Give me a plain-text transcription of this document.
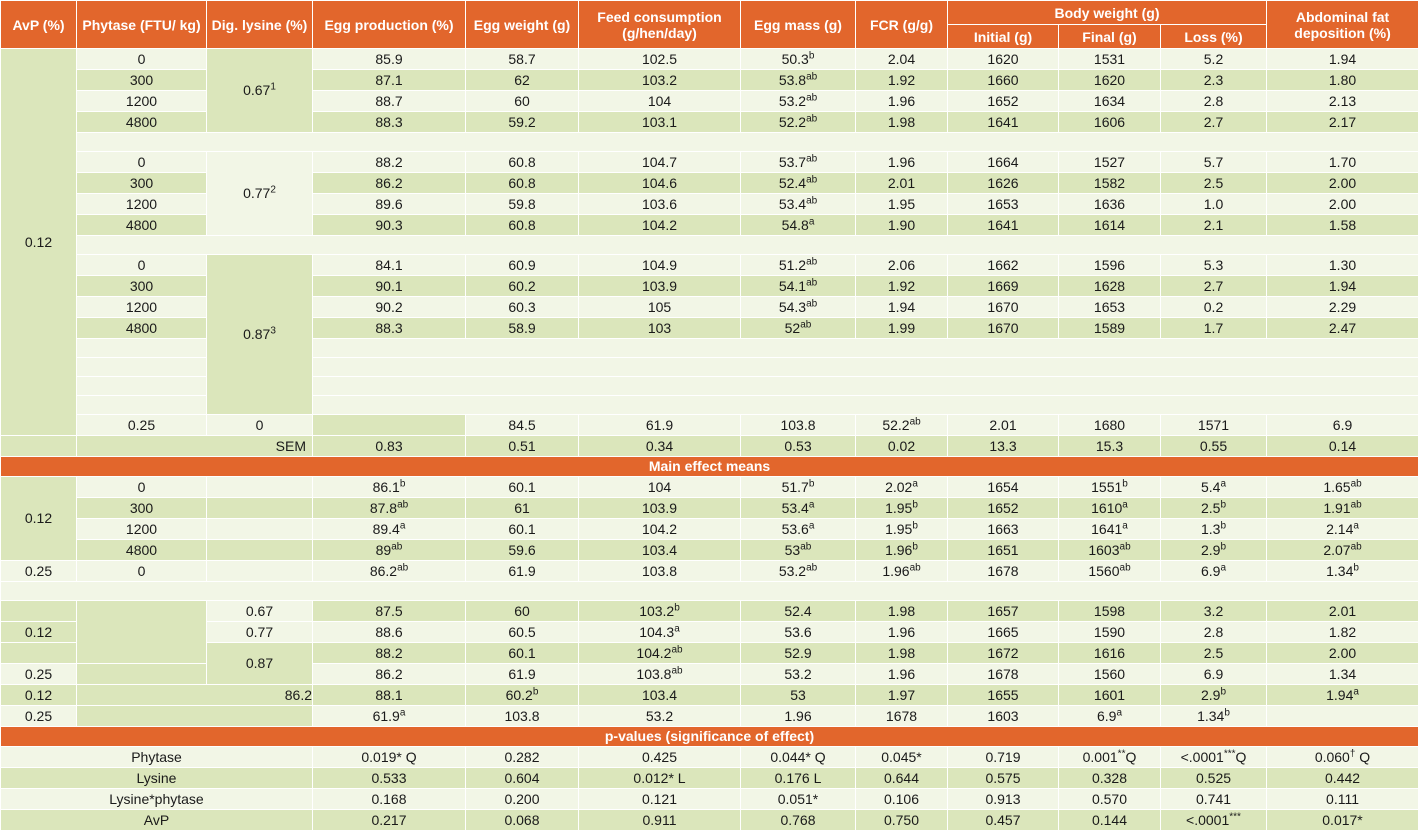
AvP (%)	Phytase (FTU/ kg)	Dig. lysine (%)	Egg production (%)	Egg weight (g)	Feed consumption (g/hen/day)	Egg mass (g)	FCR (g/g)	Body weight (g)			Abdominal fat deposition (%)	
								Initial (g)	Final (g)	Loss (%)		
0.12	0	0.67$^1$	85.9	58.7	102.5	50.3$^b$	2.04	1620	1531	5.2	1.94	
	300		87.1	62	103.2	53.8$^{ab}$	1.92	1660	1620	2.3	1.80	
	1200		88.7	60	104	53.2$^{ab}$	1.96	1652	1634	2.8	2.13	
	4800		88.3	59.2	103.1	52.2$^{ab}$	1.98	1641	1606	2.7	2.17	

	0	0.77$^2$	88.2	60.8	104.7	53.7$^{ab}$	1.96	1664	1527	5.7	1.70	
	300		86.2	60.8	104.6	52.4$^{ab}$	2.01	1626	1582	2.5	2.00	
	1200		89.6	59.8	103.6	53.4$^{ab}$	1.95	1653	1636	1.0	2.00	
	4800		90.3	60.8	104.2	54.8$^a$	1.90	1641	1614	2.1	1.58	

	0	0.87$^3$	84.1	60.9	104.9	51.2$^{ab}$	2.06	1662	1596	5.3	1.30	
	300		90.1	60.2	103.9	54.1$^{ab}$	1.92	1669	1628	2.7	1.94	
	1200		90.2	60.3	105	54.3$^{ab}$	1.94	1670	1653	0.2	2.29	
	4800		88.3	58.9	103	$52^{ab}$	1.99	1670	1589	1.7	2.47	

	0.25	0		84.5	61.9	103.8	52.2$^{ab}$	2.01	1680	1571	6.9	
	SEM		0.83	0.51	0.34	0.53	0.02	13.3	15.3	0.55	0.14	
Main effect means												
0.12	0		86.1$^b$	60.1	104	51.7$^b$	2.02$^a$	1654	1551$^b$	5.4$^a$	1.65$^{ab}$
	300		87.8$^{ab}$	61	103.9	53.4$^a$	1.95$^b$	1652	1610$^a$	2.5$^b$	1.91$^{ab}$
	1200		89.4$^a$	60.1	104.2	53.6$^a$	1.95$^b$	1663	1641$^a$	1.3$^b$	2.14$^a$
	4800		$89^{ab}$	59.6	103.4	$53^{ab}$	1.96$^b$	1651	$1603^{ab}$	2.9$^b$	2.07$^{ab}$
0.25	0		86.2$^{ab}$	61.9	103.8	53.2$^{ab}$	1.96$^{ab}$	1678	$1560^{ab}$	6.9$^a$	1.34$^b$

		0.67	87.5	60	103.2$^b$	52.4	1.98	1657	1598	3.2	2.01	
0.12		0.77	88.6	60.5	104.3$^a$	53.6	1.96	1665	1590	2.8	1.82	
		0.87	88.2	60.1	104.2$^{ab}$	52.9	1.98	1672	1616	2.5	2.00	
0.25			86.2	61.9	103.8$^{ab}$	53.2	1.96	1678	1560	6.9	1.34	
0.12	86.2		88.1	60.2$^b$	103.4	53	1.97	1655	1601	2.9$^b$	1.94$^a$
0.25			61.9$^a$	103.8	53.2	1.96	1678	1603	6.9$^a$	1.34$^b$	
p-values (significance of effect)												
Phytase			0.019* Q	0.282	0.425	0.044* Q	0.045*	0.719	0.001**Q	<.0001***Q	0.060† Q	
Lysine			0.533	0.604	0.012* L	0.176 L	0.644	0.575	0.328	0.525	0.442	
Lysine*phytase			0.168	0.200	0.121	0.051*	0.106	0.913	0.570	0.741	0.111	
AvP			0.217	0.068	0.911	0.768	0.750	0.457	0.144	<.0001***	0.017*	
